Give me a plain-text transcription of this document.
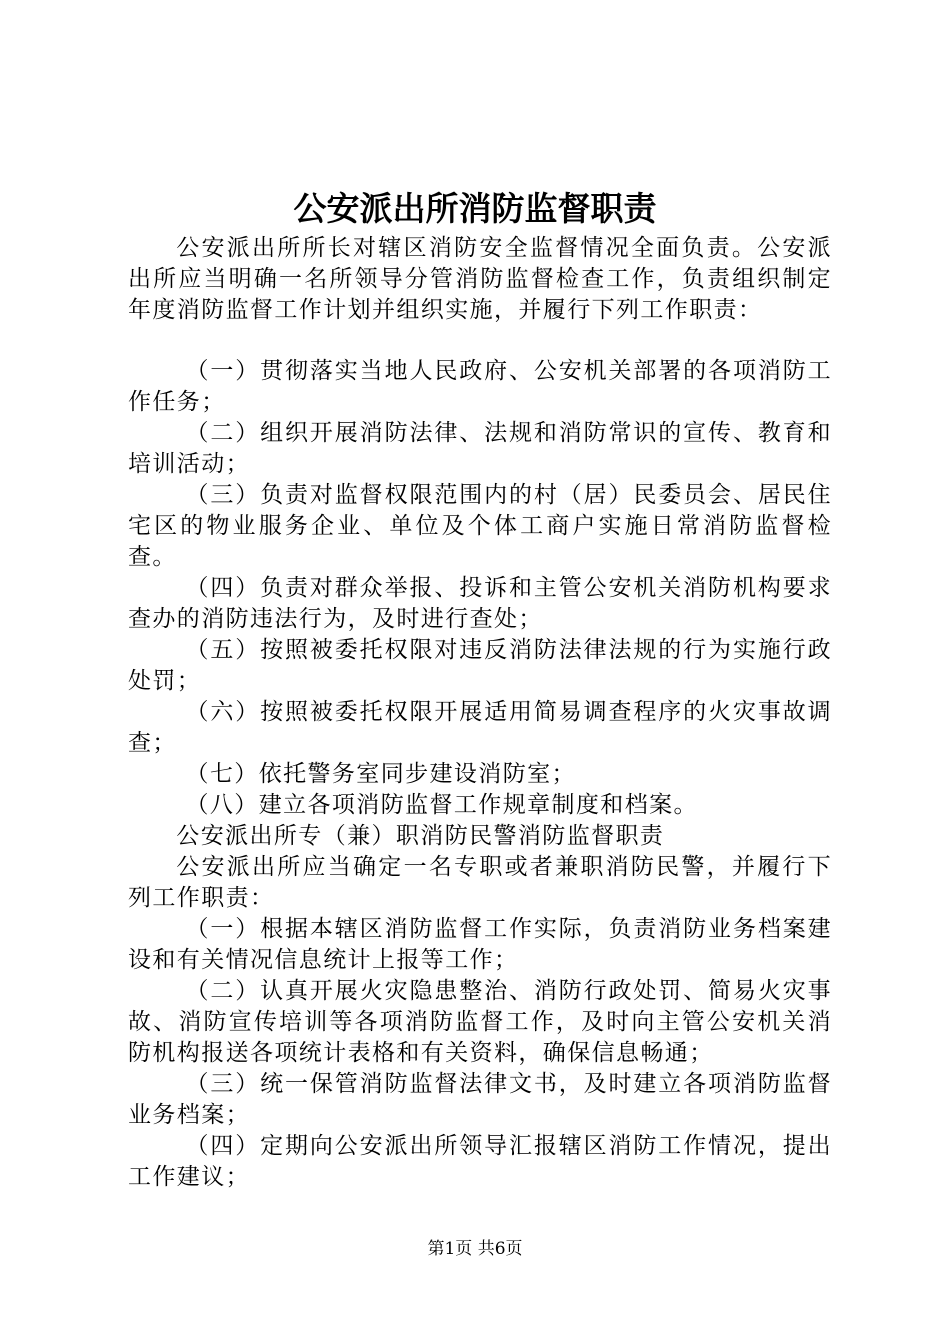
公安派出所消防监督职责

公安派出所所长对辖区消防安全监督情况全面负责。公安派出所应当明确一名所领导分管消防监督检查工作，负责组织制定年度消防监督工作计划并组织实施，并履行下列工作职责：

（一）贯彻落实当地人民政府、公安机关部署的各项消防工作任务；

（二）组织开展消防法律、法规和消防常识的宣传、教育和培训活动；

（三）负责对监督权限范围内的村（居）民委员会、居民住宅区的物业服务企业、单位及个体工商户实施日常消防监督检查。

（四）负责对群众举报、投诉和主管公安机关消防机构要求查办的消防违法行为，及时进行查处；

（五）按照被委托权限对违反消防法律法规的行为实施行政处罚；

（六）按照被委托权限开展适用简易调查程序的火灾事故调查；

（七）依托警务室同步建设消防室；

（八）建立各项消防监督工作规章制度和档案。

公安派出所专（兼）职消防民警消防监督职责

公安派出所应当确定一名专职或者兼职消防民警，并履行下列工作职责：

（一）根据本辖区消防监督工作实际，负责消防业务档案建设和有关情况信息统计上报等工作；

（二）认真开展火灾隐患整治、消防行政处罚、简易火灾事故、消防宣传培训等各项消防监督工作，及时向主管公安机关消防机构报送各项统计表格和有关资料，确保信息畅通；

（三）统一保管消防监督法律文书，及时建立各项消防监督业务档案；

（四）定期向公安派出所领导汇报辖区消防工作情况，提出工作建议；

第1页 共6页
